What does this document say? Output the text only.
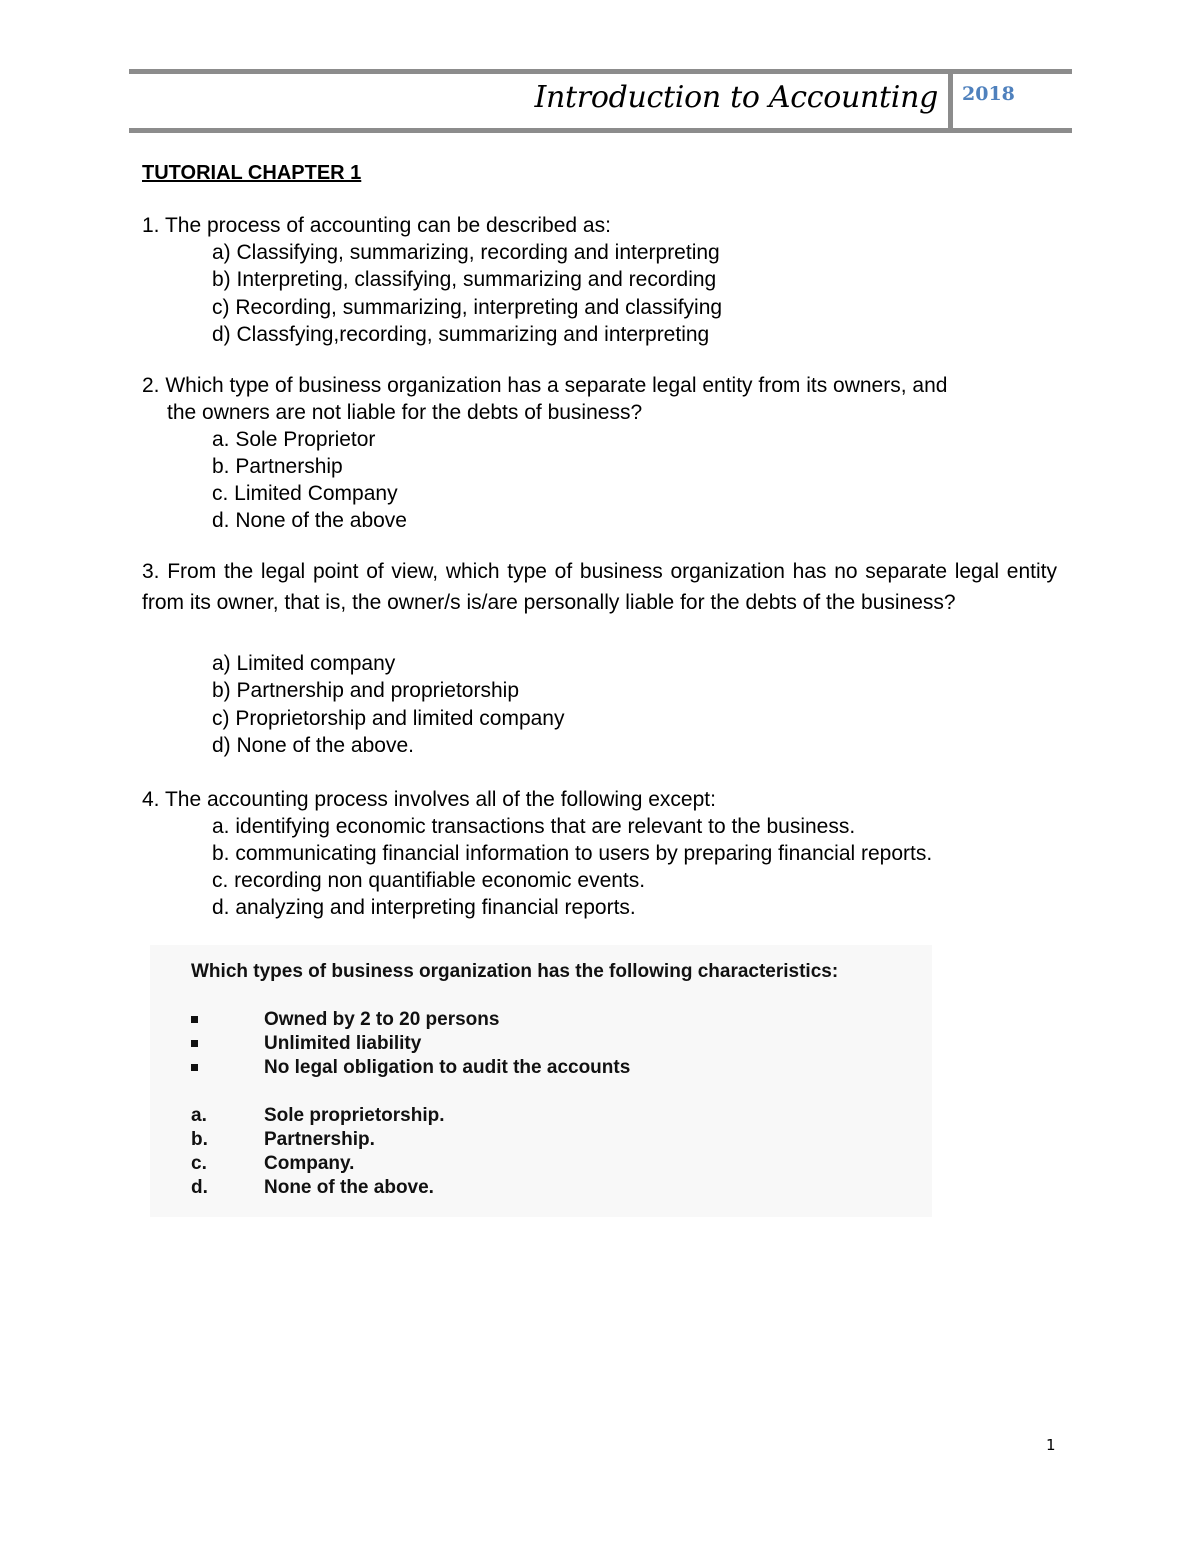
Introduction to Accounting 2018
TUTORIAL CHAPTER 1
1. The process of accounting can be described as:
a) Classifying, summarizing, recording and interpreting
b) Interpreting, classifying, summarizing and recording
c) Recording, summarizing, interpreting and classifying
d) Classfying,recording, summarizing and interpreting
2. Which type of business organization has a separate legal entity from its owners, and
the owners are not liable for the debts of business?
a. Sole Proprietor
b. Partnership
c. Limited Company
d. None of the above
3. From the legal point of view, which type of business organization has no separate legal entity from its owner, that is, the owner/s is/are personally liable for the debts of the business?
a) Limited company
b) Partnership and proprietorship
c) Proprietorship and limited company
d) None of the above.
4. The accounting process involves all of the following except:
a. identifying economic transactions that are relevant to the business.
b. communicating financial information to users by preparing financial reports.
c. recording non quantifiable economic events.
d. analyzing and interpreting financial reports.
Which types of business organization has the following characteristics:
Owned by 2 to 20 persons
Unlimited liability
No legal obligation to audit the accounts
a.	Sole proprietorship.
b.	Partnership.
c.	Company.
d.	None of the above.
1
